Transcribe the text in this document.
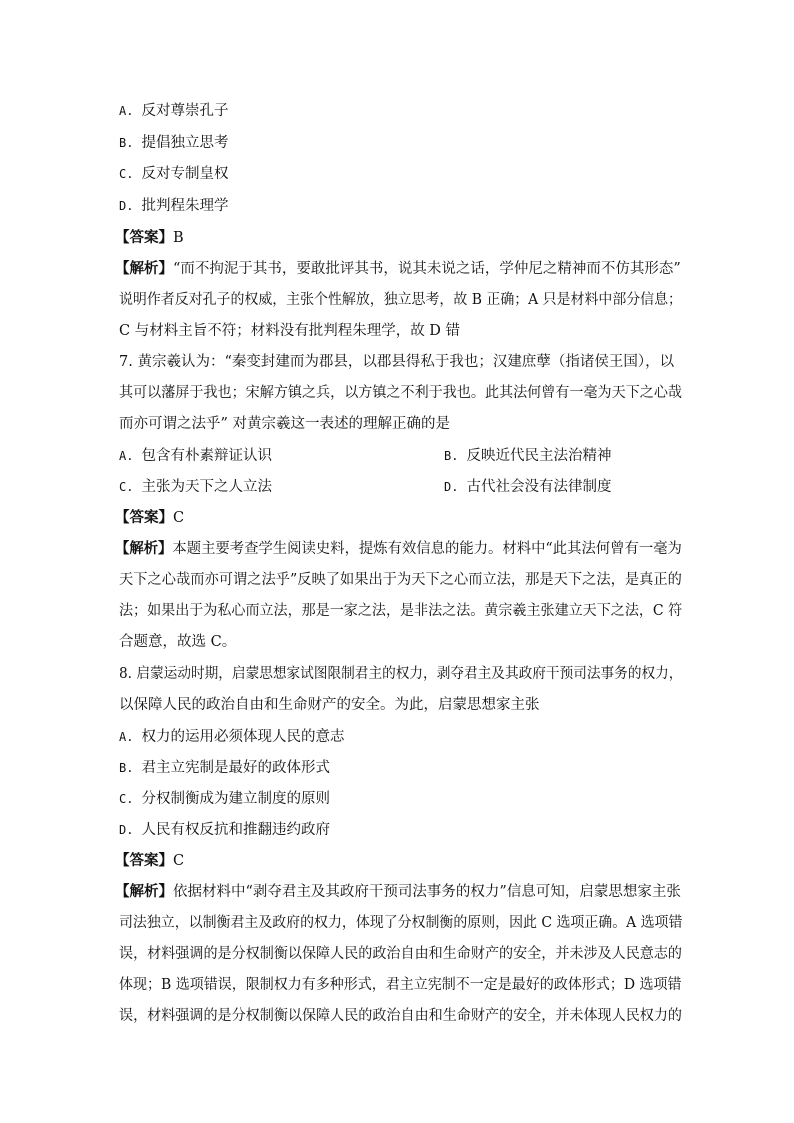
A. 反对尊崇孔子
B. 提倡独立思考
C. 反对专制皇权
D. 批判程朱理学
【答案】B
【解析】“而不拘泥于其书，要敢批评其书，说其未说之话，学仲尼之精神而不仿其形态”
说明作者反对孔子的权威，主张个性解放，独立思考，故 B 正确；A 只是材料中部分信息；
C 与材料主旨不符；材料没有批判程朱理学，故 D 错
7. 黄宗羲认为：“秦变封建而为郡县，以郡县得私于我也；汉建庶孽（指诸侯王国），以
其可以藩屏于我也；宋解方镇之兵，以方镇之不利于我也。此其法何曾有一毫为天下之心哉
而亦可谓之法乎” 对黄宗羲这一表述的理解正确的是
A. 包含有朴素辩证认识	B. 反映近代民主法治精神
C. 主张为天下之人立法	D. 古代社会没有法律制度
【答案】C
【解析】本题主要考查学生阅读史料，提炼有效信息的能力。材料中“此其法何曾有一毫为
天下之心哉而亦可谓之法乎”反映了如果出于为天下之心而立法，那是天下之法，是真正的
法；如果出于为私心而立法，那是一家之法，是非法之法。黄宗羲主张建立天下之法，C 符
合题意，故选 C。
8. 启蒙运动时期，启蒙思想家试图限制君主的权力，剥夺君主及其政府干预司法事务的权力，
以保障人民的政治自由和生命财产的安全。为此，启蒙思想家主张
A. 权力的运用必须体现人民的意志
B. 君主立宪制是最好的政体形式
C. 分权制衡成为建立制度的原则
D. 人民有权反抗和推翻违约政府
【答案】C
【解析】依据材料中“剥夺君主及其政府干预司法事务的权力”信息可知，启蒙思想家主张
司法独立，以制衡君主及政府的权力，体现了分权制衡的原则，因此 C 选项正确。A 选项错
误，材料强调的是分权制衡以保障人民的政治自由和生命财产的安全，并未涉及人民意志的
体现；B 选项错误，限制权力有多种形式，君主立宪制不一定是最好的政体形式；D 选项错
误，材料强调的是分权制衡以保障人民的政治自由和生命财产的安全，并未体现人民权力的
